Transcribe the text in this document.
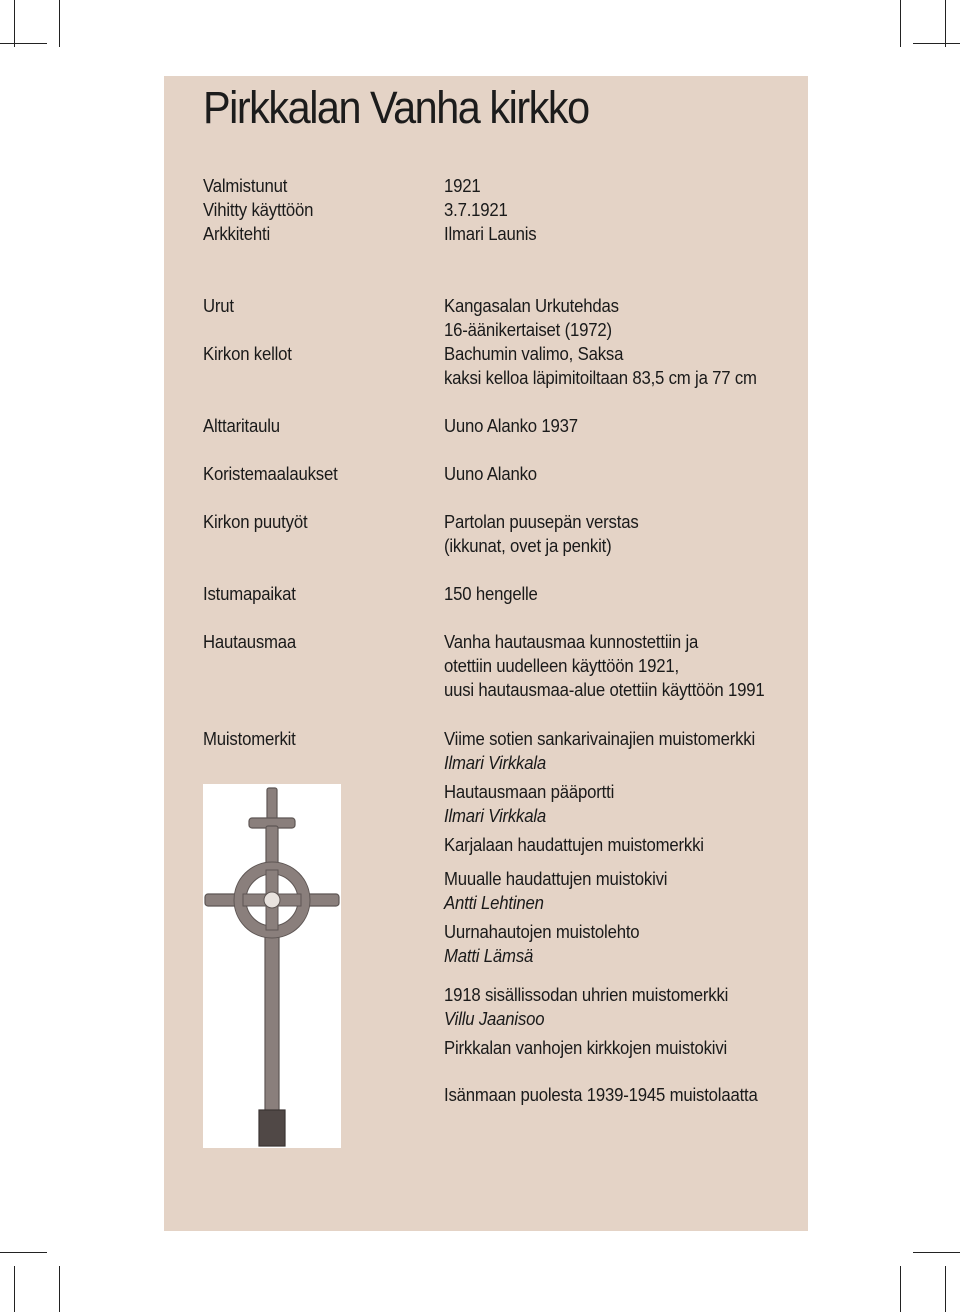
Pirkkalan Vanha kirkko
Valmistunut	1921
Vihitty käyttöön	3.7.1921
Arkkitehti	Ilmari Launis
Urut	Kangasalan Urkutehdas
16-äänikertaiset (1972)
Kirkon kellot	Bachumin valimo, Saksa
kaksi kelloa läpimitoiltaan 83,5 cm ja 77 cm
Alttaritaulu	Uuno Alanko 1937
Koristemaalaukset	Uuno Alanko
Kirkon puutyöt	Partolan puusepän verstas
(ikkunat, ovet ja penkit)
Istumapaikat	150 hengelle
Hautausmaa	Vanha hautausmaa kunnostettiin ja
otettiin uudelleen käyttöön 1921,
uusi hautausmaa-alue otettiin käyttöön 1991
Muistomerkit	Viime sotien sankarivainajien muistomerkki
Ilmari Virkkala
Hautausmaan pääportti
Ilmari Virkkala
Karjalaan haudattujen muistomerkki
Muualle haudattujen muistokivi
Antti Lehtinen
Uurnahautojen muistolehto
Matti Lämsä
1918 sisällissodan uhrien muistomerkki
Villu Jaanisoo
Pirkkalan vanhojen kirkkojen muistokivi
Isänmaan puolesta 1939-1945 muistolaatta
